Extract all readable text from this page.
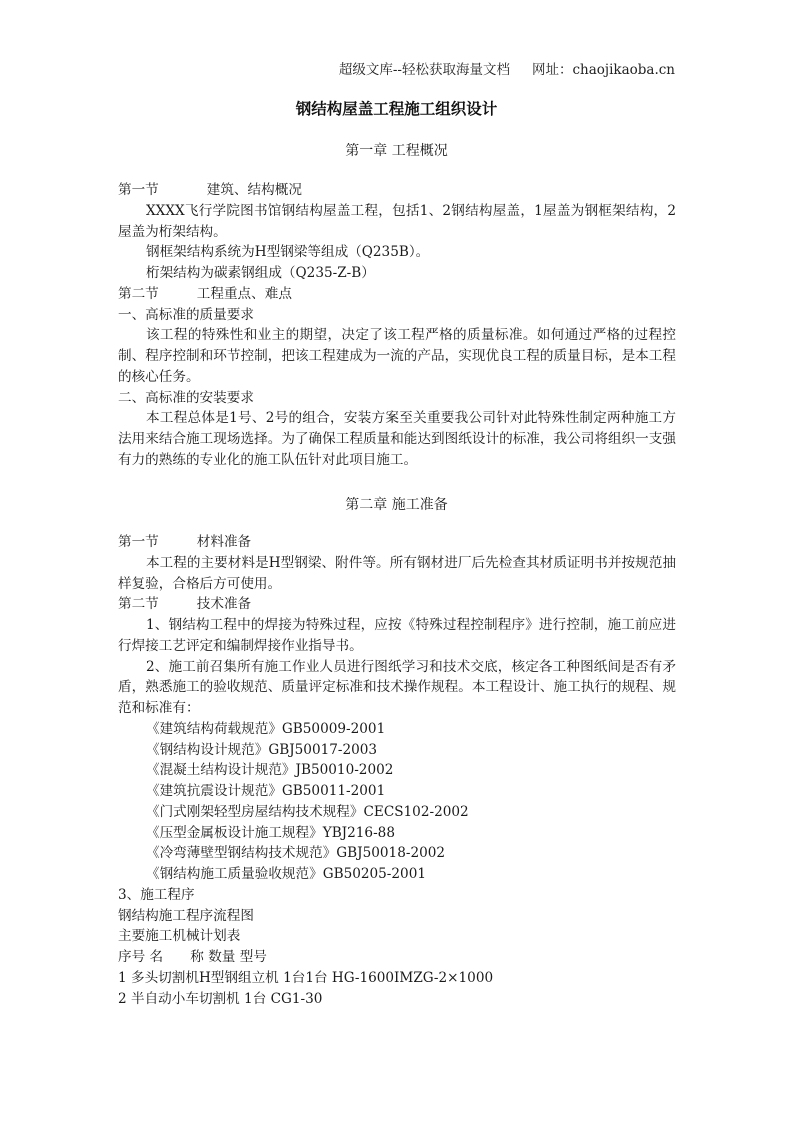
超级文库--轻松获取海量文档 网址：chaojikaoba.cn
钢结构屋盖工程施工组织设计
第一章 工程概况
第一节	建筑、结构概况
XXXX飞行学院图书馆钢结构屋盖工程，包括1、2钢结构屋盖，1屋盖为钢框架结构，2屋盖为桁架结构。
钢框架结构系统为H型钢梁等组成（Q235B）。
桁架结构为碳素钢组成（Q235-Z-B）
第二节	工程重点、难点
一、高标准的质量要求
该工程的特殊性和业主的期望，决定了该工程严格的质量标准。如何通过严格的过程控制、程序控制和环节控制，把该工程建成为一流的产品，实现优良工程的质量目标，是本工程的核心任务。
二、高标准的安装要求
本工程总体是1号、2号的组合，安装方案至关重要我公司针对此特殊性制定两种施工方法用来结合施工现场选择。为了确保工程质量和能达到图纸设计的标准，我公司将组织一支强有力的熟练的专业化的施工队伍针对此项目施工。
第二章 施工准备
第一节	材料准备
本工程的主要材料是H型钢梁、附件等。所有钢材进厂后先检查其材质证明书并按规范抽样复验，合格后方可使用。
第二节	技术准备
1、钢结构工程中的焊接为特殊过程，应按《特殊过程控制程序》进行控制，施工前应进行焊接工艺评定和编制焊接作业指导书。
2、施工前召集所有施工作业人员进行图纸学习和技术交底，核定各工种图纸间是否有矛盾，熟悉施工的验收规范、质量评定标准和技术操作规程。本工程设计、施工执行的规程、规范和标准有：
《建筑结构荷载规范》GB50009-2001
《钢结构设计规范》GBJ50017-2003
《混凝土结构设计规范》JB50010-2002
《建筑抗震设计规范》GB50011-2001
《门式刚架轻型房屋结构技术规程》CECS102-2002
《压型金属板设计施工规程》YBJ216-88
《冷弯薄壁型钢结构技术规范》GBJ50018-2002
《钢结构施工质量验收规范》GB50205-2001
3、施工程序
钢结构施工程序流程图
主要施工机械计划表
序号 名　　称 数量 型号
1 多头切割机H型钢组立机 1台1台 HG-1600IMZG-2×1000
2 半自动小车切割机 1台 CG1-30
